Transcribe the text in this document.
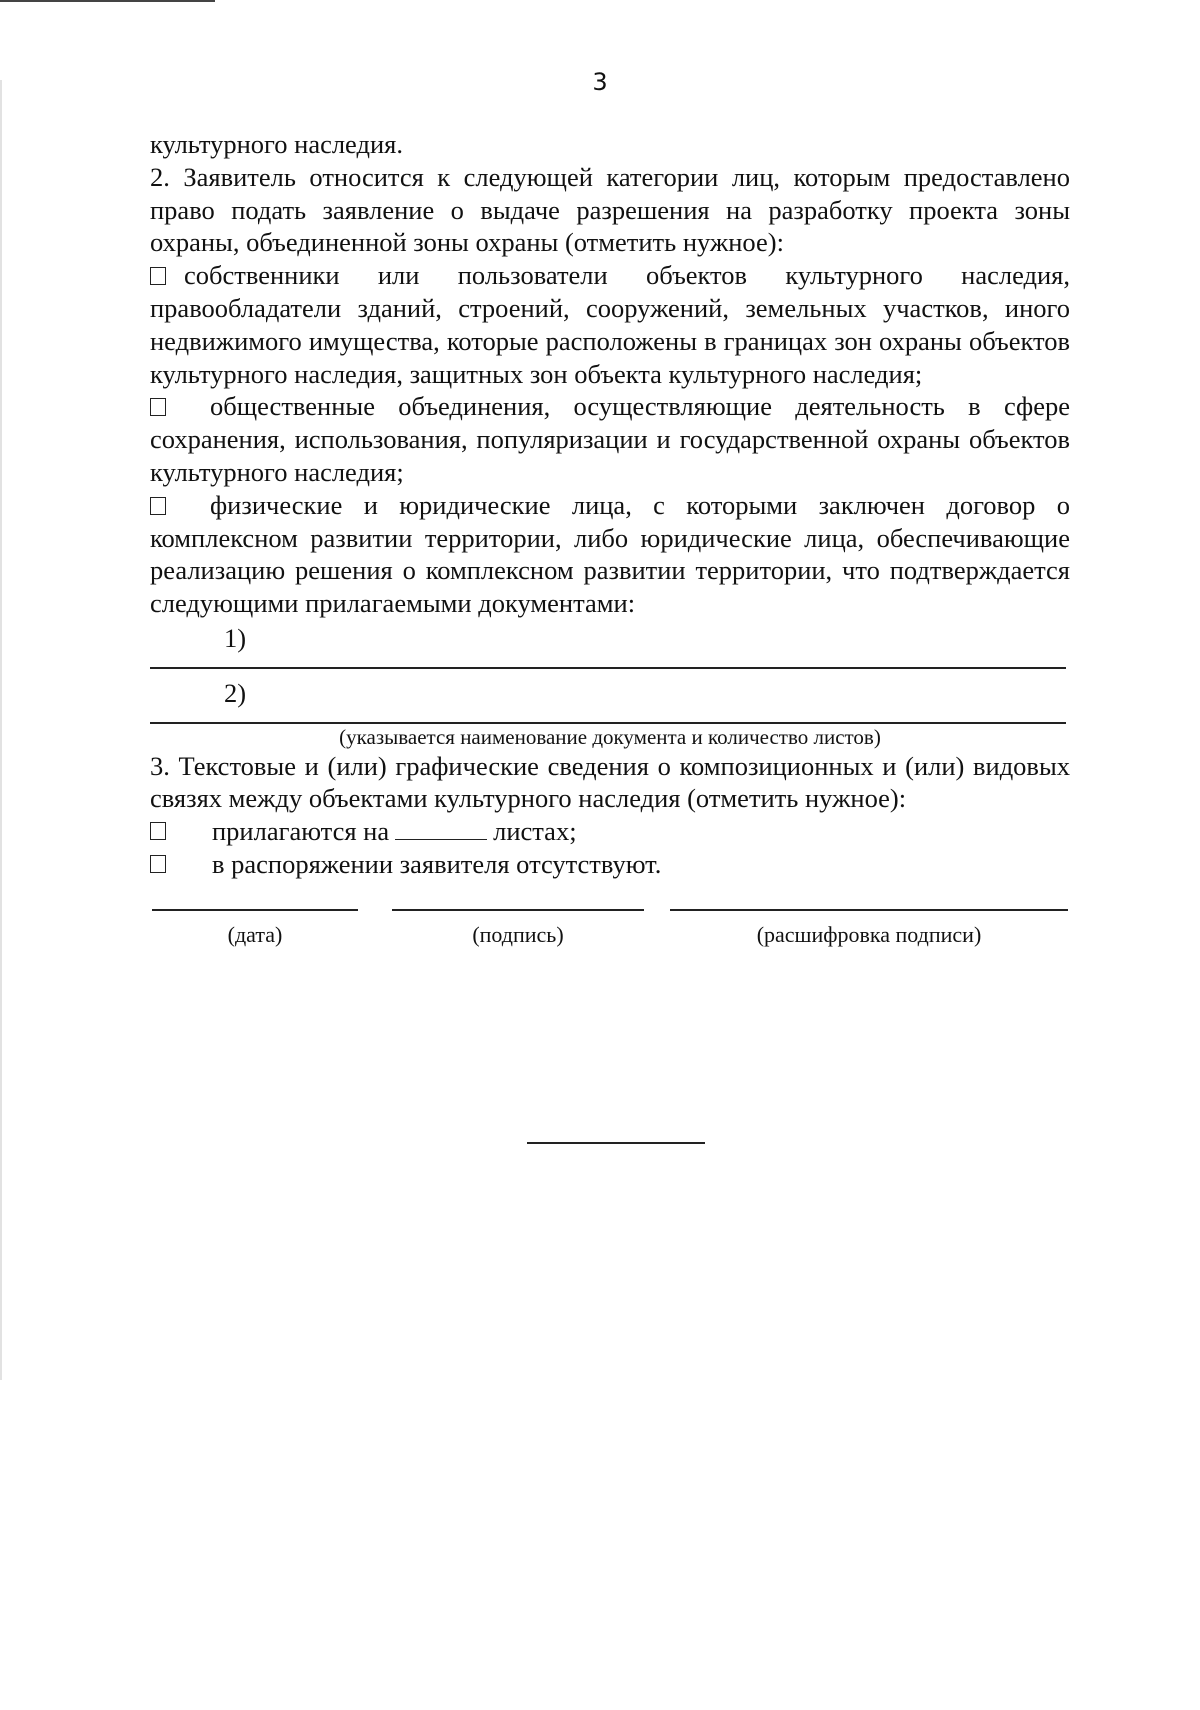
3

культурного наследия.

2. Заявитель относится к следующей категории лиц, которым предоставлено право подать заявление о выдаче разрешения на разработку проекта зоны охраны, объединенной зоны охраны (отметить нужное):

собственники или пользователи объектов культурного наследия, правообладатели зданий, строений, сооружений, земельных участков, иного недвижимого имущества, которые расположены в границах зон охраны объектов культурного наследия, защитных зон объекта культурного наследия;

общественные объединения, осуществляющие деятельность в сфере сохранения, использования, популяризации и государственной охраны объектов культурного наследия;

физические и юридические лица, с которыми заключен договор о комплексном развитии территории, либо юридические лица, обеспечивающие реализацию решения о комплексном развитии территории, что подтверждается следующими прилагаемыми документами:

1)

2)

(указывается наименование документа и количество листов)

3. Текстовые и (или) графические сведения о композиционных и (или) видовых связях между объектами культурного наследия (отметить нужное):

прилагаются на	листах;
в распоряжении заявителя отсутствуют.
(дата)	(подпись)	(расшифровка подписи)
